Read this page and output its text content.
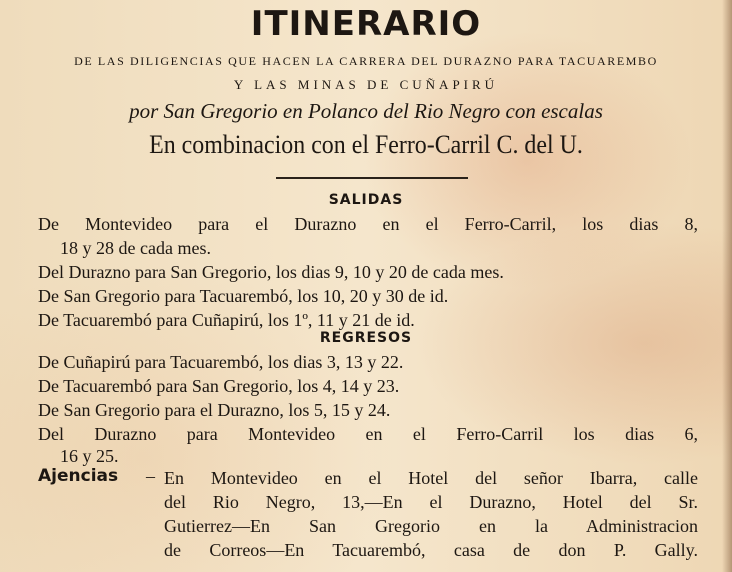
ITINERARIO
DE LAS DILIGENCIAS QUE HACEN LA CARRERA DEL DURAZNO PARA TACUAREMBO
Y LAS MINAS DE CUÑAPIRÚ
por San Gregorio en Polanco del Rio Negro con escalas
En combinacion con el Ferro-Carril C. del U.
SALIDAS
De Montevideo para el Durazno en el Ferro-Carril, los dias 8,
18 y 28 de cada mes.
Del Durazno para San Gregorio, los dias 9, 10 y 20 de cada mes.
De San Gregorio para Tacuarembó, los 10, 20 y 30 de id.
De Tacuarembó para Cuñapirú, los 1º, 11 y 21 de id.
REGRESOS
De Cuñapirú para Tacuarembó, los dias 3, 13 y 22.
De Tacuarembó para San Gregorio, los 4, 14 y 23.
De San Gregorio para el Durazno, los 5, 15 y 24.
Del Durazno para Montevideo en el Ferro-Carril los dias 6,
16 y 25.
Ajencias – En Montevideo en el Hotel del señor Ibarra, calle
del Rio Negro, 13,—En el Durazno, Hotel del Sr.
Gutierrez—En San Gregorio en la Administracion
de Correos—En Tacuarembó, casa de don P. Gally.
